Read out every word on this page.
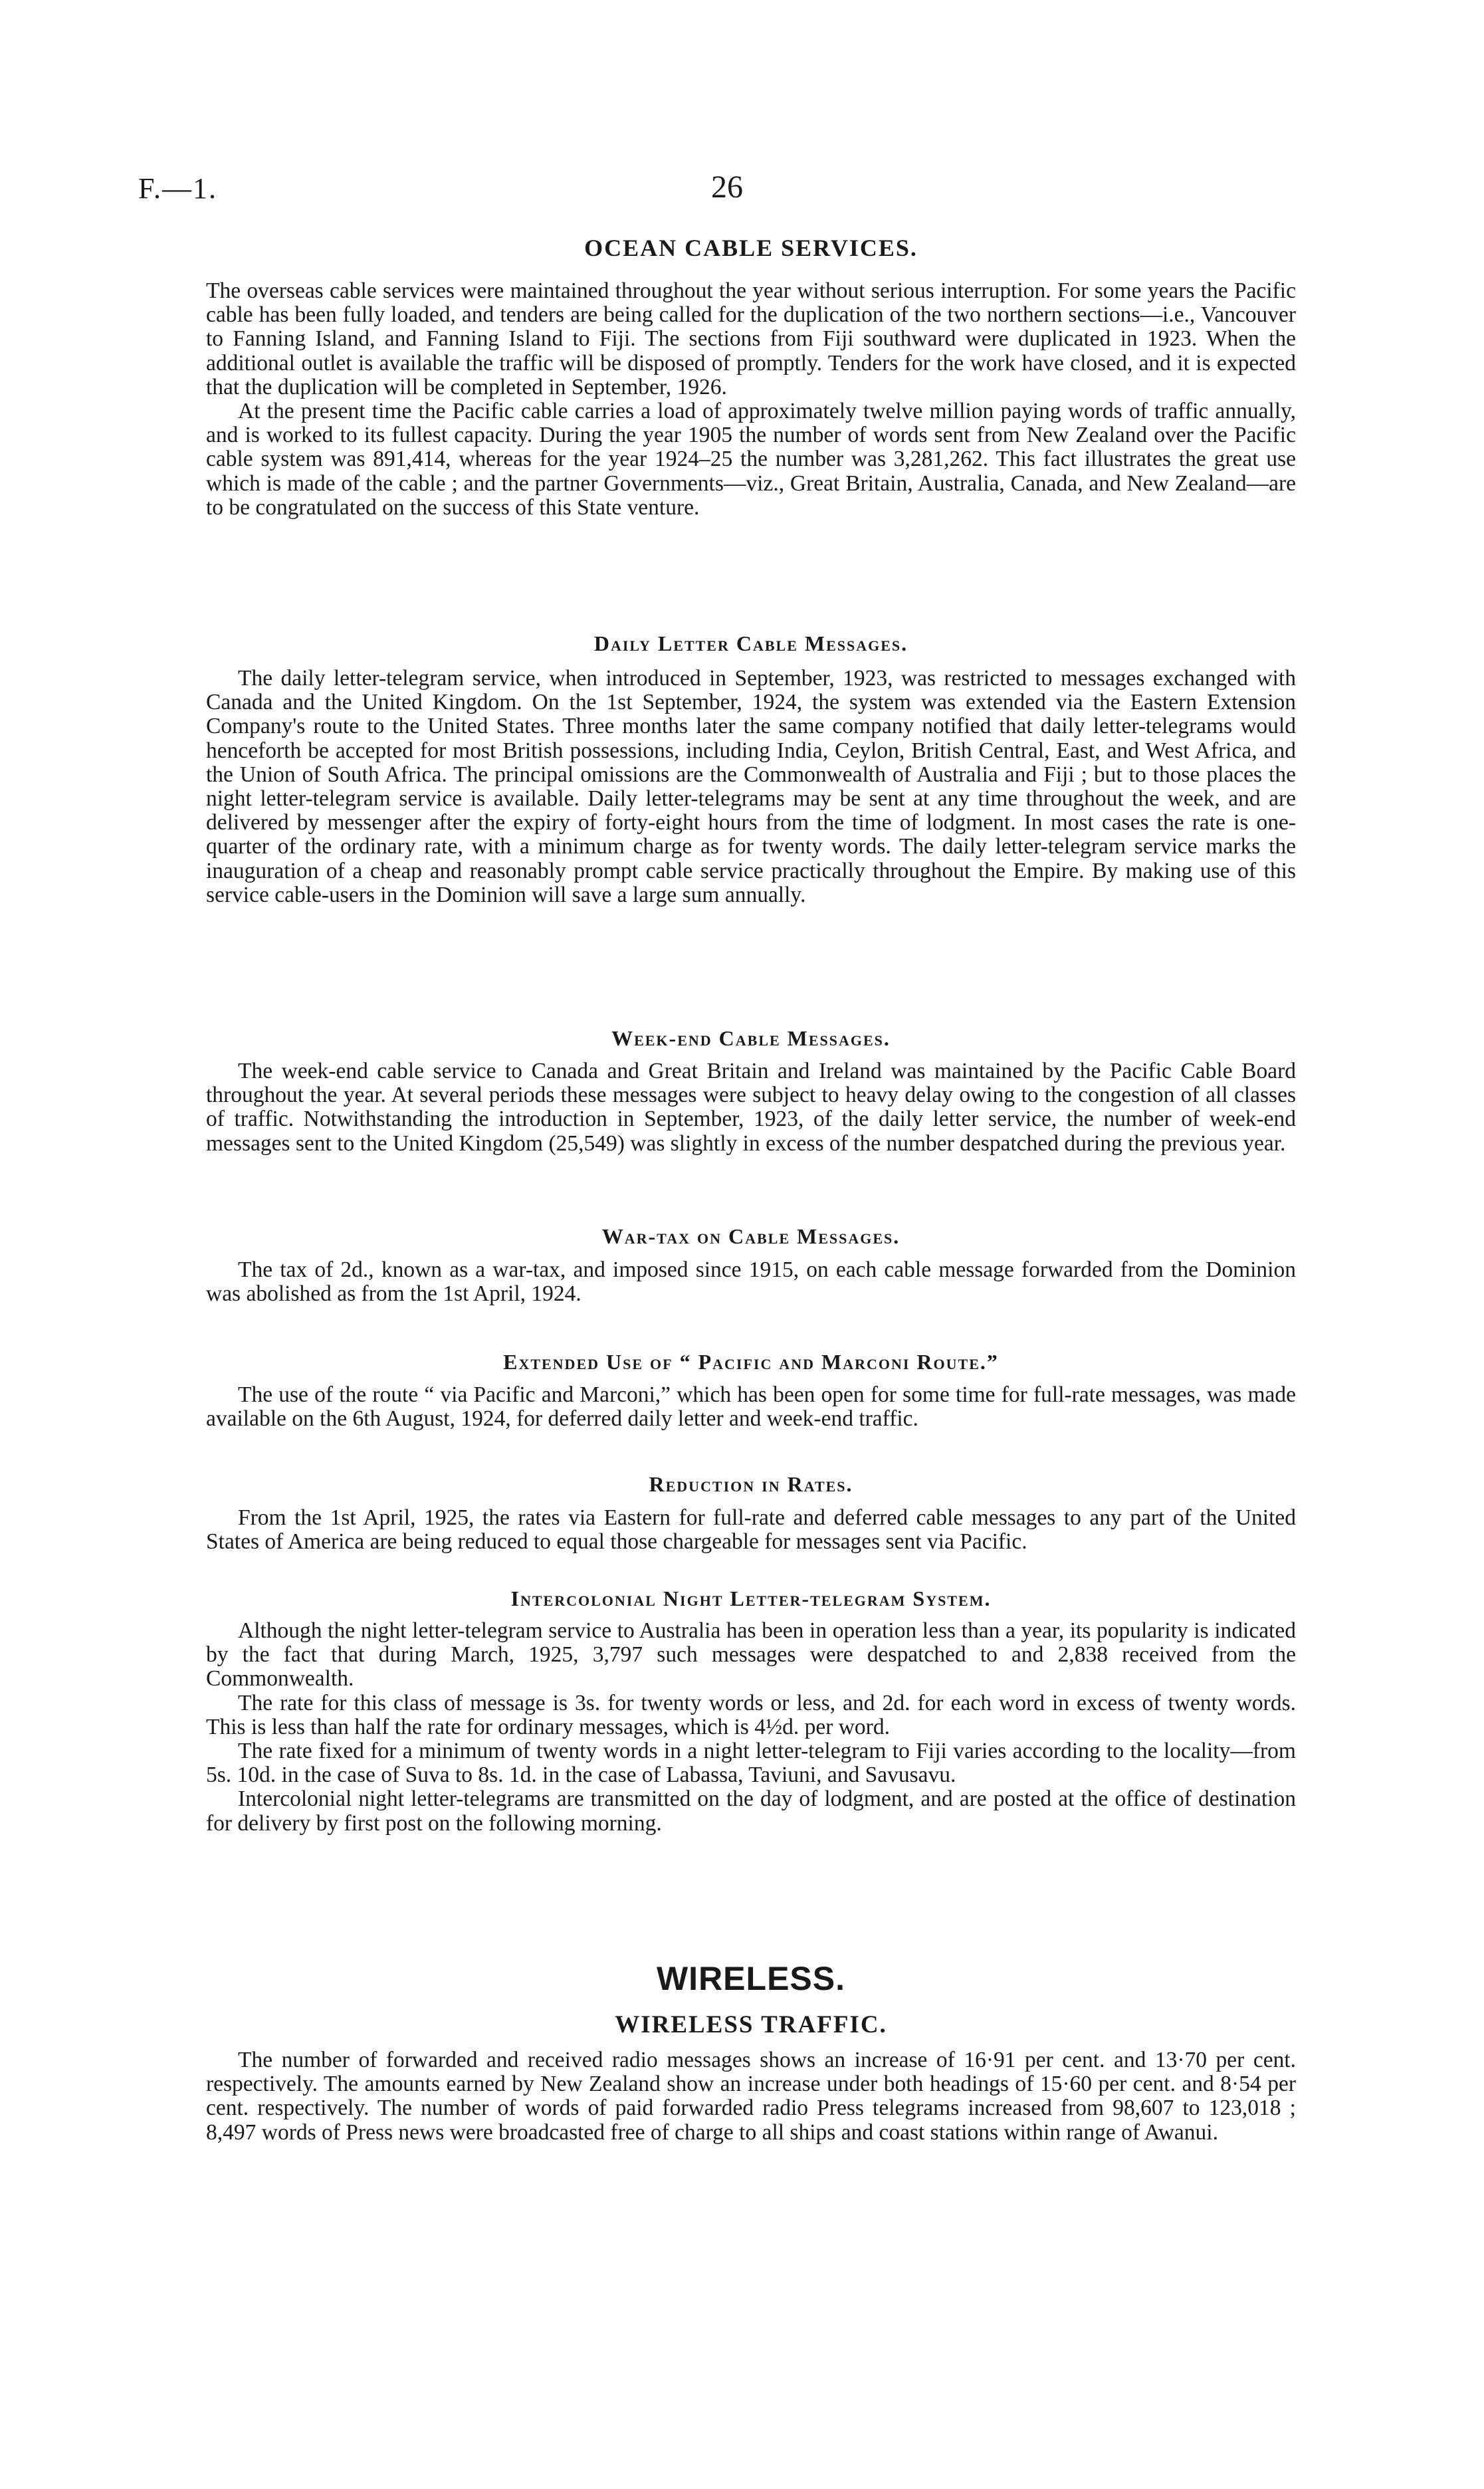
F.—1.	26
OCEAN CABLE SERVICES.

The overseas cable services were maintained throughout the year without serious interruption. For some years the Pacific cable has been fully loaded, and tenders are being called for the duplication of the two northern sections—i.e., Vancouver to Fanning Island, and Fanning Island to Fiji. The sections from Fiji southward were duplicated in 1923. When the additional outlet is available the traffic will be disposed of promptly. Tenders for the work have closed, and it is expected that the duplication will be completed in September, 1926.

At the present time the Pacific cable carries a load of approximately twelve million paying words of traffic annually, and is worked to its fullest capacity. During the year 1905 the number of words sent from New Zealand over the Pacific cable system was 891,414, whereas for the year 1924–25 the number was 3,281,262. This fact illustrates the great use which is made of the cable ; and the partner Governments—viz., Great Britain, Australia, Canada, and New Zealand—are to be congratulated on the success of this State venture.

Daily Letter Cable Messages.

The daily letter-telegram service, when introduced in September, 1923, was restricted to messages exchanged with Canada and the United Kingdom. On the 1st September, 1924, the system was extended via the Eastern Extension Company's route to the United States. Three months later the same company notified that daily letter-telegrams would henceforth be accepted for most British possessions, including India, Ceylon, British Central, East, and West Africa, and the Union of South Africa. The principal omissions are the Commonwealth of Australia and Fiji ; but to those places the night letter-telegram service is available. Daily letter-telegrams may be sent at any time throughout the week, and are delivered by messenger after the expiry of forty-eight hours from the time of lodgment. In most cases the rate is one-quarter of the ordinary rate, with a minimum charge as for twenty words. The daily letter-telegram service marks the inauguration of a cheap and reasonably prompt cable service practically throughout the Empire. By making use of this service cable-users in the Dominion will save a large sum annually.

Week-end Cable Messages.

The week-end cable service to Canada and Great Britain and Ireland was maintained by the Pacific Cable Board throughout the year. At several periods these messages were subject to heavy delay owing to the congestion of all classes of traffic. Notwithstanding the introduction in September, 1923, of the daily letter service, the number of week-end messages sent to the United Kingdom (25,549) was slightly in excess of the number despatched during the previous year.

War-tax on Cable Messages.

The tax of 2d., known as a war-tax, and imposed since 1915, on each cable message forwarded from the Dominion was abolished as from the 1st April, 1924.

Extended Use of “ Pacific and Marconi Route.”

The use of the route “ via Pacific and Marconi,” which has been open for some time for full-rate messages, was made available on the 6th August, 1924, for deferred daily letter and week-end traffic.

Reduction in Rates.

From the 1st April, 1925, the rates via Eastern for full-rate and deferred cable messages to any part of the United States of America are being reduced to equal those chargeable for messages sent via Pacific.

Intercolonial Night Letter-telegram System.

Although the night letter-telegram service to Australia has been in operation less than a year, its popularity is indicated by the fact that during March, 1925, 3,797 such messages were despatched to and 2,838 received from the Commonwealth.

The rate for this class of message is 3s. for twenty words or less, and 2d. for each word in excess of twenty words. This is less than half the rate for ordinary messages, which is 4½d. per word.

The rate fixed for a minimum of twenty words in a night letter-telegram to Fiji varies according to the locality—from 5s. 10d. in the case of Suva to 8s. 1d. in the case of Labassa, Taviuni, and Savusavu.

Intercolonial night letter-telegrams are transmitted on the day of lodgment, and are posted at the office of destination for delivery by first post on the following morning.

WIRELESS.
WIRELESS TRAFFIC.

The number of forwarded and received radio messages shows an increase of 16·91 per cent. and 13·70 per cent. respectively. The amounts earned by New Zealand show an increase under both headings of 15·60 per cent. and 8·54 per cent. respectively. The number of words of paid forwarded radio Press telegrams increased from 98,607 to 123,018 ; 8,497 words of Press news were broadcasted free of charge to all ships and coast stations within range of Awanui.
